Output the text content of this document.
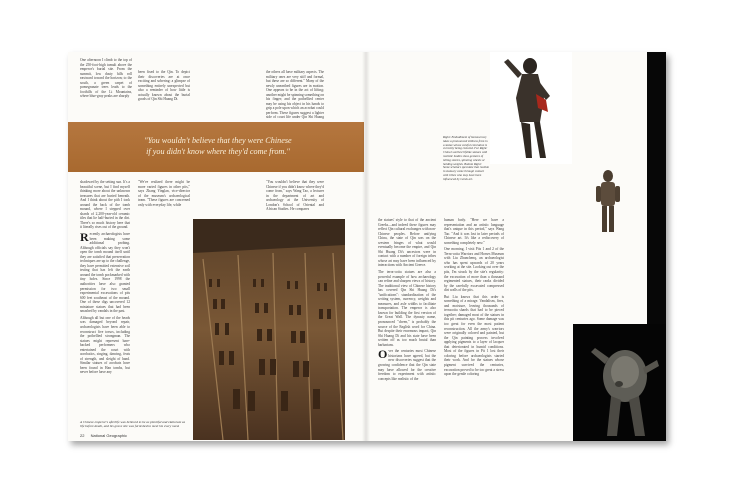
One afternoon I climb to the top of the 250-foot-high tumuli above the emperor's burial site. From the summit, low dusty hills roll eastward toward the horizon; to the south, a green carpet of pomegranate trees leads to the foothills of the Li Mountains, where blue-gray peaks are sharply

been fixed to the Qin. To depict their discoveries are at once exciting and sobering: a glimpse of something entirely unexpected but also a reminder of how little is actually known about the burial goods of Qin Shi Huang Di.

the others all have military aspects. The military ones are very stiff and formal, but these are so different." Many of the newly unearthed figures are in motion. One appears to be in the act of lifting; another might be spinning something on his finger; and the potbellied center may be using his object in his hands to grip a pole upon which an acrobat could perform. These figures suggest a lighter side of court life under Qin Shi Huang

"You wouldn't believe that they were Chinese
if you didn't know where they'd come from."

shadowed by the setting sun. It's a beautiful scene, but I find myself thinking more about the unknown treasures that are buried beneath. And I think about the pith I took around the back of the tomb mound, where I stepped over shards of 2,200-year-old ceramic tiles that lie half-buried in the dirt. There's so much history here that it literally rises out of the ground.

Recently archaeologists have been making some additional probing. Although officials say they won't open the tomb mound itself until they are satisfied that preservation techniques are up to the challenge, they have permitted extensive soil testing that has left the earth around the tomb pockmarked with tiny holes. Since 1998 the authorities have also granted permission for two small experimental excavations of pits 600 feet southeast of the mound. One of these digs uncovered 12 miniature statues that had been smashed by vandals in the past.

Although all but one of the heads was damaged beyond repair, archaeologists have been able to reconstruct five torsos, including the potbellied strongman. The statues might represent bare-backed performers who entertained the court with acrobatics, singing, dancing, feats of strength, and sleight of hand. Similar statues of acrobats have been found in Han tombs, but never before have any

"We've realized there might be more varied figures in other pits," says Zhang Yinglan, vice-director of the museum's archaeological team. "These figures are concerned only with everyday life, while

"You wouldn't believe that they were Chinese if you didn't know where they'd come from," says Wang Tao, a lecturer in the department of art and archaeology at the University of London's School of Oriental and African Studies. He compares

A Chinese emperor's afterlife was believed to be as plentiful and elaborate as life before death, and his grave site was furnished to meet his every need.
22 National Geographic

the statues' style to that of the ancient Greeks—and indeed these figures may reflect Qin cultural exchanges with non-Chinese peoples. Before unifying China, the state of Qin was on the western fringes of what would eventually become the empire, and Qin Shi Huang Di's ancestors were in contact with a number of foreign tribes whose art may have been influenced by interactions with Ancient Greece.

The terra-cotta statues are also a powerful example of how archaeology can refine and sharpen views of history. The traditional view of Chinese history has covered Qin Shi Huang Di's "unifications": standardization of the writing system, currency, weights and measures, and axle widths to facilitate transportation. The emperor is also known for building the first version of the Great Wall. The dynasty name, pronounced "cheen," is probably the source of the English word for China. But despite their enormous impact, Qin Shi Huang Di and his state have been written off as too much brutal than barbarians.

Over the centuries most Chinese historians have agreed, but the new discoveries suggest that the growing confidence that the Qin state may have allowed for the creative freedom to experiment with artistic concepts like realistic of the

human body. "Here we have a representation and an artistic language that's unique in this period," says Wang Tao. "And it was lost in later periods of Chinese art. It's like a rediscovery of something completely new."

One morning, I visit Pits 1 and 2 of the Terra-cotta Warriors and Horses Museum with Liu Zhanchenq, an archaeologist who has spent upwards of 20 years working at the site. Looking out over the pits, I'm struck by the site's regularity: the excavation of more than a thousand regimented statues, their ranks divided by the carefully excavated compressed dirt walls of the pits.

But Liu knows that this order is something of a mirage. Vandalism, fires, and moisture, leaving thousands of terracotta shards that had to be pieced together; damaged most of the statues in this pit centuries ago. Some damage was too great for even the most patient reconstruction. All the army's warriors were originally colored and painted, but the Qin painting process involved applying pigments to a layer of lacquer that deteriorated in humid conditions. Most of the figures in Pit 1 lost their coloring before archaeologists started their work. And for the statues whose pigment survived the centuries, excavation proved to be too great a stress upon the gentle coloring

Right: Embodiment of bureaucracy takes a pronounced stillness from in a statue whose careful coloration is currently being restored. Far Right: China's earliest lifelike statues with realistic bodies show gestures of telling stories, spinning wheels or holding weights. Bottom Right: Some scholars speculate that realism in statuary came through contact with tribes who may have been influenced by Greek art.
